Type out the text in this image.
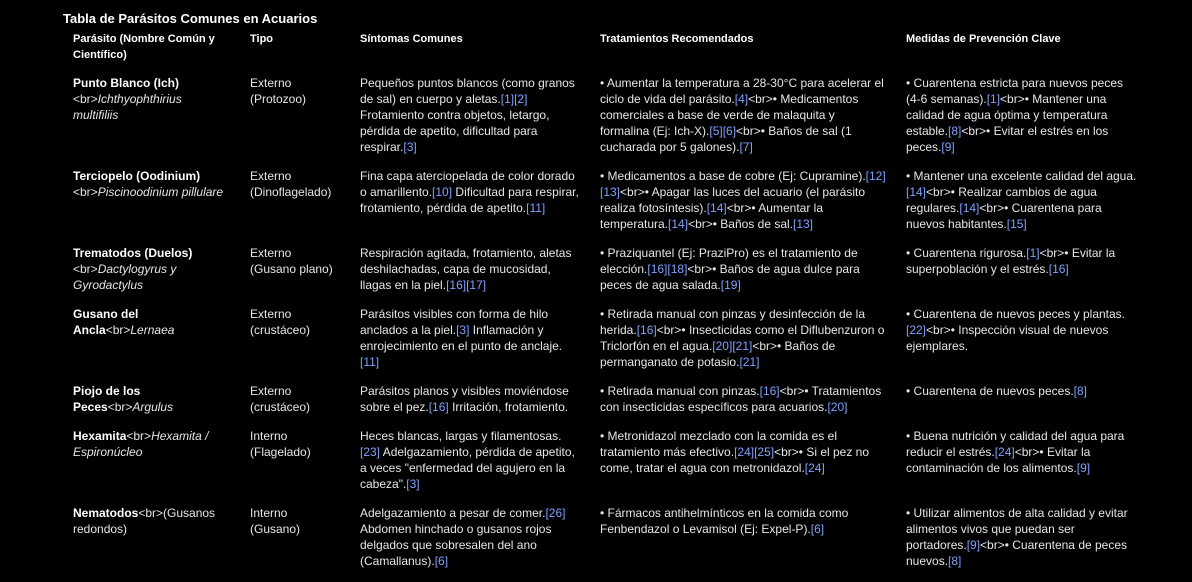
Tabla de Parásitos Comunes en Acuarios
Parásito (Nombre Común y Científico)	Tipo	Síntomas Comunes	Tratamientos Recomendados	Medidas de Prevención Clave
Punto Blanco (Ich)<br>Ichthyophthirius multifiliis	Externo (Protozoo)	Pequeños puntos blancos (como granos de sal) en cuerpo y aletas.[1][2] Frotamiento contra objetos, letargo, pérdida de apetito, dificultad para respirar.[3]	• Aumentar la temperatura a 28-30°C para acelerar el ciclo de vida del parásito.[4]<br>• Medicamentos comerciales a base de verde de malaquita y formalina (Ej: Ich-X).[5][6]<br>• Baños de sal (1 cucharada por 5 galones).[7]	• Cuarentena estricta para nuevos peces (4-6 semanas).[1]<br>• Mantener una calidad de agua óptima y temperatura estable.[8]<br>• Evitar el estrés en los peces.[9]
Terciopelo (Oodinium)<br>Piscinoodinium pillulare	Externo (Dinoflagelado)	Fina capa aterciopelada de color dorado o amarillento.[10] Dificultad para respirar, frotamiento, pérdida de apetito.[11]	• Medicamentos a base de cobre (Ej: Cupramine).[12][13]<br>• Apagar las luces del acuario (el parásito realiza fotosíntesis).[14]<br>• Aumentar la temperatura.[14]<br>• Baños de sal.[13]	• Mantener una excelente calidad del agua.[14]<br>• Realizar cambios de agua regulares.[14]<br>• Cuarentena para nuevos habitantes.[15]
Trematodos (Duelos) <br>Dactylogyrus y Gyrodactylus	Externo (Gusano plano)	Respiración agitada, frotamiento, aletas deshilachadas, capa de mucosidad, llagas en la piel.[16][17]	• Praziquantel (Ej: PraziPro) es el tratamiento de elección.[16][18]<br>• Baños de agua dulce para peces de agua salada.[19]	• Cuarentena rigurosa.[1]<br>• Evitar la superpoblación y el estrés.[16]
Gusano del Ancla<br>Lernaea	Externo (crustáceo)	Parásitos visibles con forma de hilo anclados a la piel.[3] Inflamación y enrojecimiento en el punto de anclaje.[11]	• Retirada manual con pinzas y desinfección de la herida.[16]<br>• Insecticidas como el Diflubenzuron o Triclorfón en el agua.[20][21]<br>• Baños de permanganato de potasio.[21]	• Cuarentena de nuevos peces y plantas.[22]<br>• Inspección visual de nuevos ejemplares.
Piojo de los Peces<br>Argulus	Externo (crustáceo)	Parásitos planos y visibles moviéndose sobre el pez.[16] Irritación, frotamiento.	• Retirada manual con pinzas.[16]<br>• Tratamientos con insecticidas específicos para acuarios.[20]	• Cuarentena de nuevos peces.[8]
Hexamita<br>Hexamita / Espironúcleo	Interno (Flagelado)	Heces blancas, largas y filamentosas. [23] Adelgazamiento, pérdida de apetito, a veces "enfermedad del agujero en la cabeza".[3]	• Metronidazol mezclado con la comida es el tratamiento más efectivo.[24][25]<br>• Si el pez no come, tratar el agua con metronidazol.[24]	• Buena nutrición y calidad del agua para reducir el estrés.[24]<br>• Evitar la contaminación de los alimentos.[9]
Nematodos<br>(Gusanos redondos)	Interno (Gusano)	Adelgazamiento a pesar de comer.[26] Abdomen hinchado o gusanos rojos delgados que sobresalen del ano (Camallanus).[6]	• Fármacos antihelmínticos en la comida como Fenbendazol o Levamisol (Ej: Expel-P).[6]	• Utilizar alimentos de alta calidad y evitar alimentos vivos que puedan ser portadores.[9]<br>• Cuarentena de peces nuevos.[8]
